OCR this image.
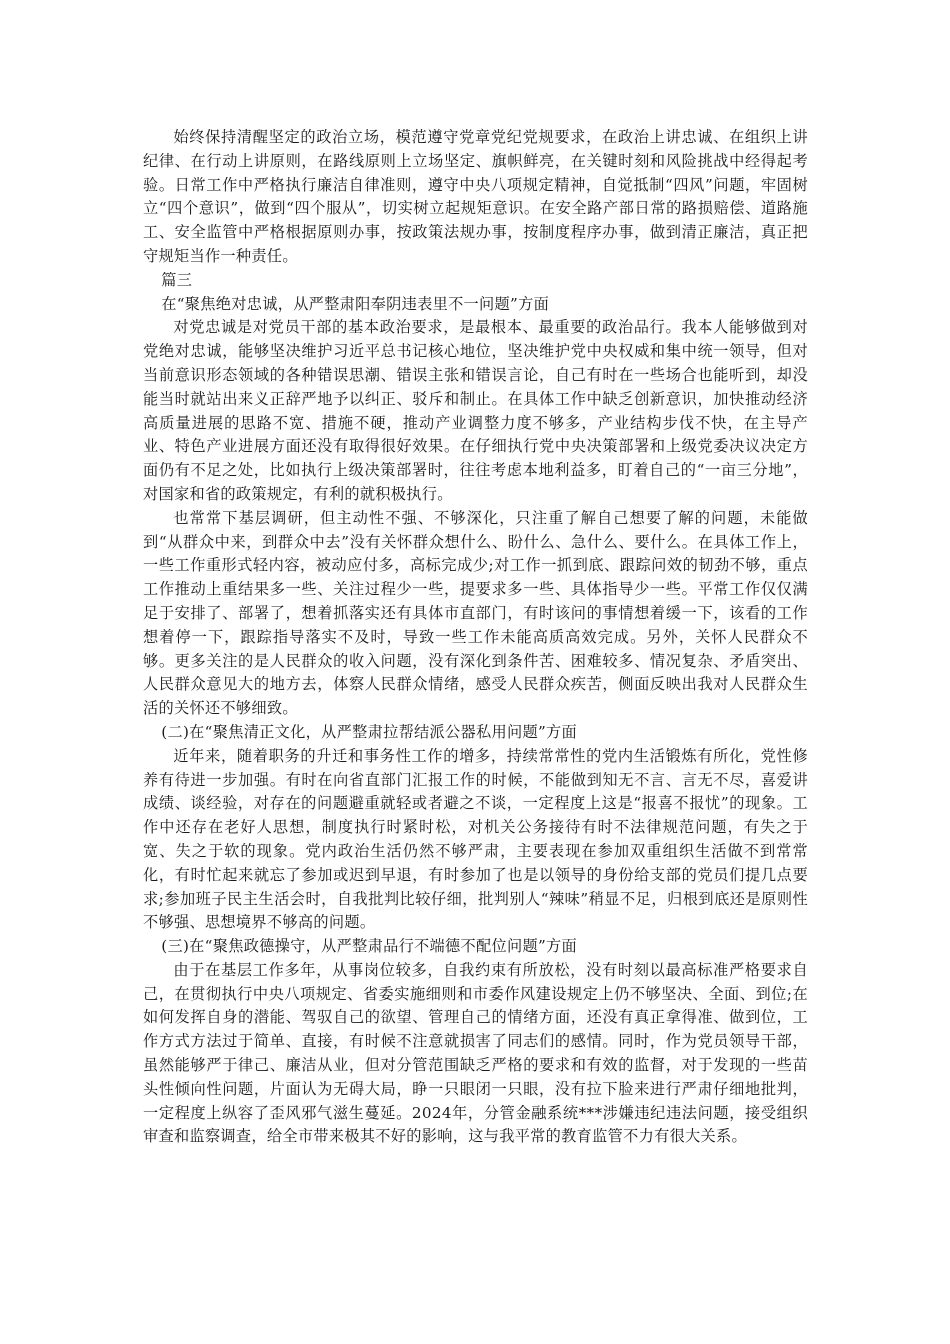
始终保持清醒坚定的政治立场，模范遵守党章党纪党规要求，在政治上讲忠诚、在组织上讲纪律、在行动上讲原则，在路线原则上立场坚定、旗帜鲜亮，在关键时刻和风险挑战中经得起考验。日常工作中严格执行廉洁自律准则，遵守中央八项规定精神，自觉抵制“四风”问题，牢固树立“四个意识”，做到“四个服从”，切实树立起规矩意识。在安全路产部日常的路损赔偿、道路施工、安全监管中严格根据原则办事，按政策法规办事，按制度程序办事，做到清正廉洁，真正把守规矩当作一种责任。

篇三

在“聚焦绝对忠诚，从严整肃阳奉阴违表里不一问题”方面

对党忠诚是对党员干部的基本政治要求，是最根本、最重要的政治品行。我本人能够做到对党绝对忠诚，能够坚决维护习近平总书记核心地位，坚决维护党中央权威和集中统一领导，但对当前意识形态领域的各种错误思潮、错误主张和错误言论，自己有时在一些场合也能听到，却没能当时就站出来义正辞严地予以纠正、驳斥和制止。在具体工作中缺乏创新意识，加快推动经济高质量进展的思路不宽、措施不硬，推动产业调整力度不够多，产业结构步伐不快，在主导产业、特色产业进展方面还没有取得很好效果。在仔细执行党中央决策部署和上级党委决议决定方面仍有不足之处，比如执行上级决策部署时，往往考虑本地利益多，盯着自己的“一亩三分地”，对国家和省的政策规定，有利的就积极执行。

也常常下基层调研，但主动性不强、不够深化，只注重了解自己想要了解的问题，未能做到“从群众中来，到群众中去”没有关怀群众想什么、盼什么、急什么、要什么。在具体工作上，一些工作重形式轻内容，被动应付多，高标完成少;对工作一抓到底、跟踪问效的韧劲不够，重点工作推动上重结果多一些、关注过程少一些，提要求多一些、具体指导少一些。平常工作仅仅满足于安排了、部署了，想着抓落实还有具体市直部门，有时该问的事情想着缓一下，该看的工作想着停一下，跟踪指导落实不及时，导致一些工作未能高质高效完成。另外，关怀人民群众不够。更多关注的是人民群众的收入问题，没有深化到条件苦、困难较多、情况复杂、矛盾突出、人民群众意见大的地方去，体察人民群众情绪，感受人民群众疾苦，侧面反映出我对人民群众生活的关怀还不够细致。

(二)在“聚焦清正文化，从严整肃拉帮结派公器私用问题”方面

近年来，随着职务的升迁和事务性工作的增多，持续常常性的党内生活锻炼有所化，党性修养有待进一步加强。有时在向省直部门汇报工作的时候，不能做到知无不言、言无不尽，喜爱讲成绩、谈经验，对存在的问题避重就轻或者避之不谈，一定程度上这是“报喜不报忧”的现象。工作中还存在老好人思想，制度执行时紧时松，对机关公务接待有时不法律规范问题，有失之于宽、失之于软的现象。党内政治生活仍然不够严肃，主要表现在参加双重组织生活做不到常常化，有时忙起来就忘了参加或迟到早退，有时参加了也是以领导的身份给支部的党员们提几点要求;参加班子民主生活会时，自我批判比较仔细，批判别人“辣味”稍显不足，归根到底还是原则性不够强、思想境界不够高的问题。

(三)在“聚焦政德操守，从严整肃品行不端德不配位问题”方面

由于在基层工作多年，从事岗位较多，自我约束有所放松，没有时刻以最高标准严格要求自己，在贯彻执行中央八项规定、省委实施细则和市委作风建设规定上仍不够坚决、全面、到位;在如何发挥自身的潜能、驾驭自己的欲望、管理自己的情绪方面，还没有真正拿得准、做到位，工作方式方法过于简单、直接，有时候不注意就损害了同志们的感情。同时，作为党员领导干部，虽然能够严于律己、廉洁从业，但对分管范围缺乏严格的要求和有效的监督，对于发现的一些苗头性倾向性问题，片面认为无碍大局，睁一只眼闭一只眼，没有拉下脸来进行严肃仔细地批判，一定程度上纵容了歪风邪气滋生蔓延。2024年，分管金融系统***涉嫌违纪违法问题，接受组织审查和监察调查，给全市带来极其不好的影响，这与我平常的教育监管不力有很大关系。
